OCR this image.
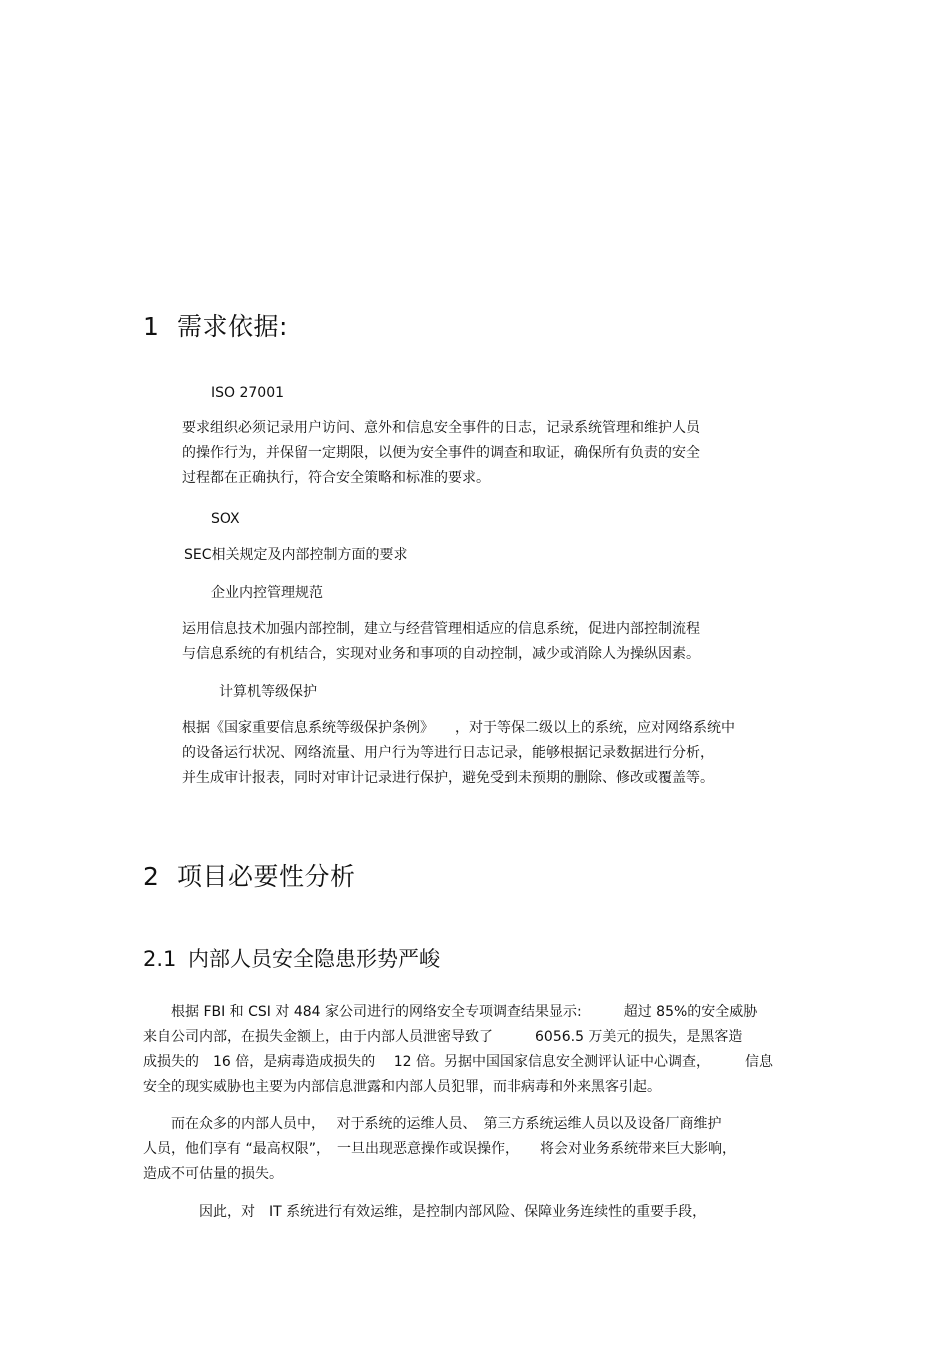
1 需求依据:
ISO 27001
要求组织必须记录用户访问、意外和信息安全事件的日志，记录系统管理和维护人员
的操作行为，并保留一定期限，以便为安全事件的调查和取证，确保所有负责的安全
过程都在正确执行，符合安全策略和标准的要求。
SOX
SEC相关规定及内部控制方面的要求
企业内控管理规范
运用信息技术加强内部控制，建立与经营管理相适应的信息系统，促进内部控制流程
与信息系统的有机结合，实现对业务和事项的自动控制，减少或消除人为操纵因素。
计算机等级保护
根据《国家重要信息系统等级保护条例》　　，对于等保二级以上的系统，应对网络系统中
的设备运行状况、网络流量、用户行为等进行日志记录，能够根据记录数据进行分析，
并生成审计报表，同时对审计记录进行保护，避免受到未预期的删除、修改或覆盖等。
2 项目必要性分析
2.1 内部人员安全隐患形势严峻
　　根据 FBI 和 CSI 对 484 家公司进行的网络安全专项调查结果显示:　　　超过 85%的安全威胁
来自公司内部，在损失金额上，由于内部人员泄密导致了　　　6056.5 万美元的损失，是黑客造
成损失的　16 倍，是病毒造成损失的　 12 倍。另据中国国家信息安全测评认证中心调查，　　　信息
安全的现实威胁也主要为内部信息泄露和内部人员犯罪，而非病毒和外来黑客引起。
　　而在众多的内部人员中，　 对于系统的运维人员、　第三方系统运维人员以及设备厂商维护
人员，他们享有 “最高权限”，　一旦出现恶意操作或误操作，　　将会对业务系统带来巨大影响，
造成不可估量的损失。
　　　　因此，对　IT 系统进行有效运维，是控制内部风险、保障业务连续性的重要手段，
